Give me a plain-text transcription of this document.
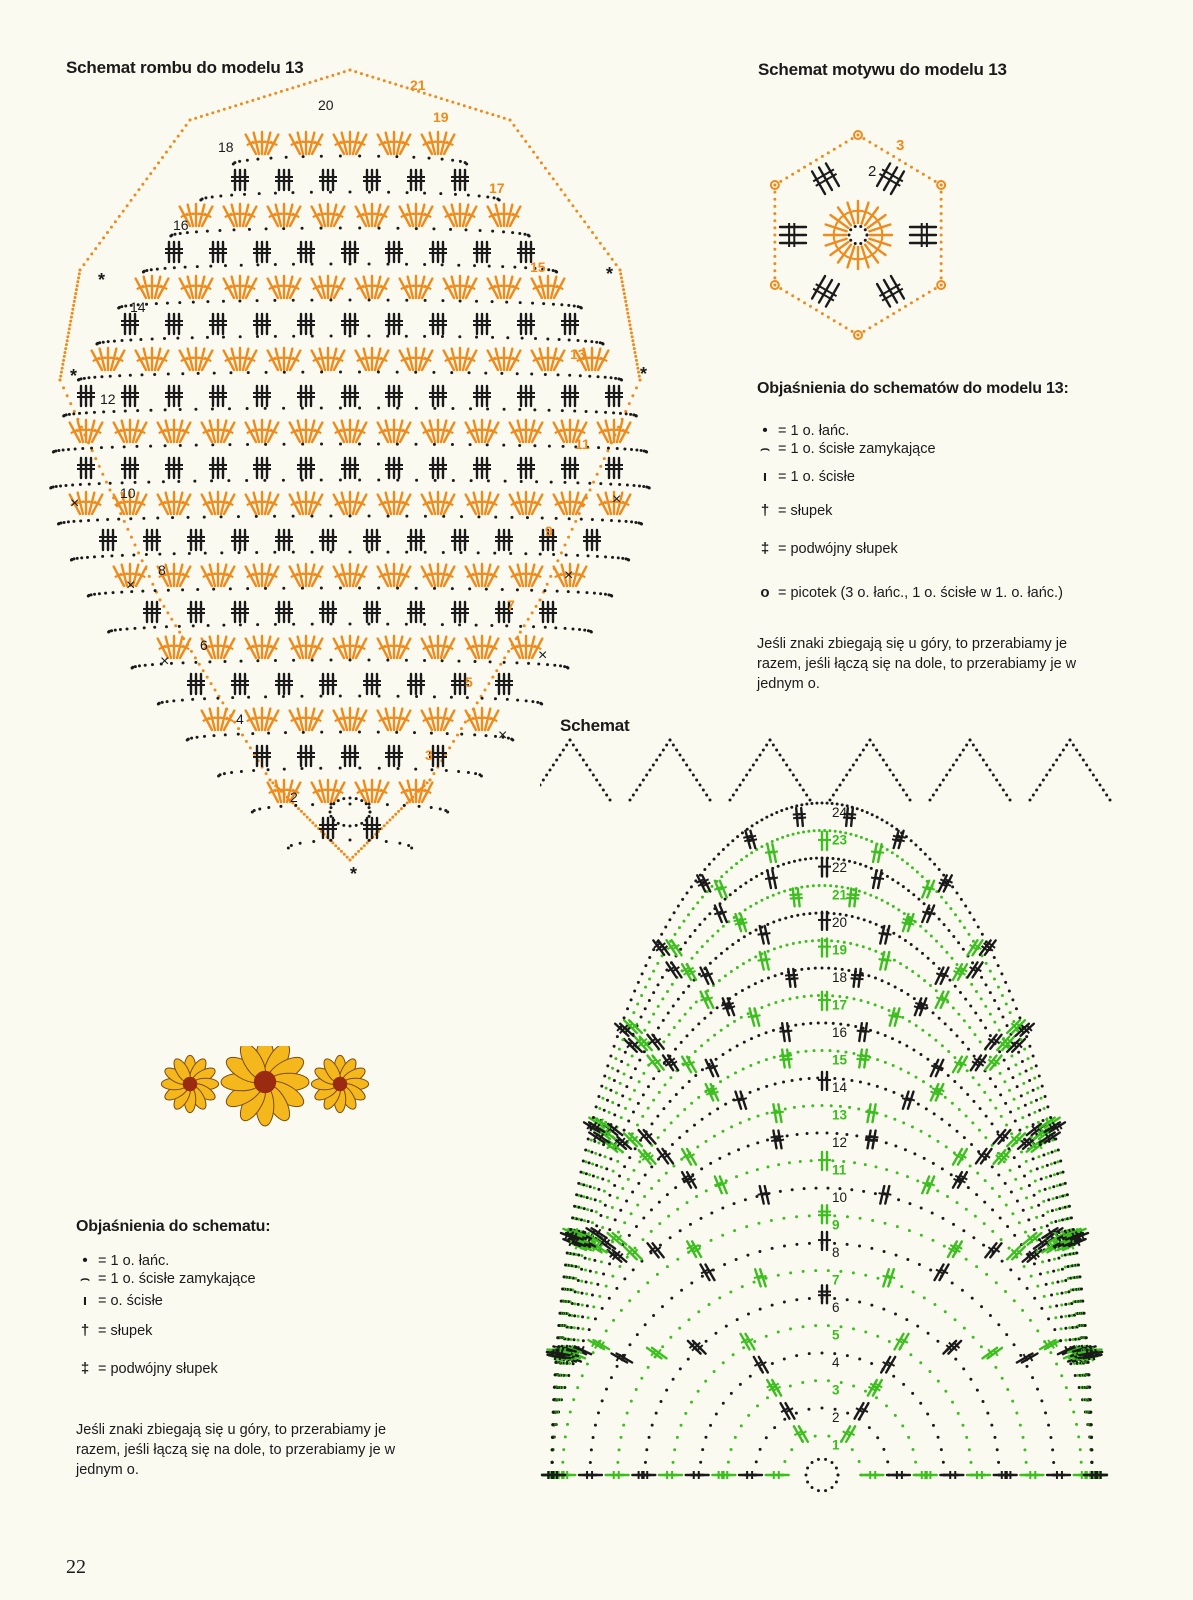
Schemat rombu do modelu 13	Schemat motywu do modelu 13
Schemat
2
3
4
5
6
7
8
9
10
11
12
13
14
15
16
17
18
19
20
21
*
*
*
*
*
×
×
×
×
×
×
×
2
3
Objaśnienia do schematów do modelu 13:
• = 1 o. łańc.
⌢ = 1 o. ścisłe zamykające
ı = 1 o. ścisłe
† = słupek
‡ = podwójny słupek
o = picotek (3 o. łańc., 1 o. ścisłe w 1. o. łańc.)
Jeśli znaki zbiegają się u góry, to przerabiamy je razem, jeśli łączą się na dole, to przerabiamy je w jednym o.
1
2
3
4
5
6
7
8
9
10
11
12
13
14
15
16
17
18
19
20
21
22
23
24
Objaśnienia do schematu:
• = 1 o. łańc.
⌢ = 1 o. ścisłe zamykające
ı = o. ścisłe
† = słupek
‡ = podwójny słupek
Jeśli znaki zbiegają się u góry, to przerabiamy je razem, jeśli łączą się na dole, to przerabiamy je w jednym o.
22
